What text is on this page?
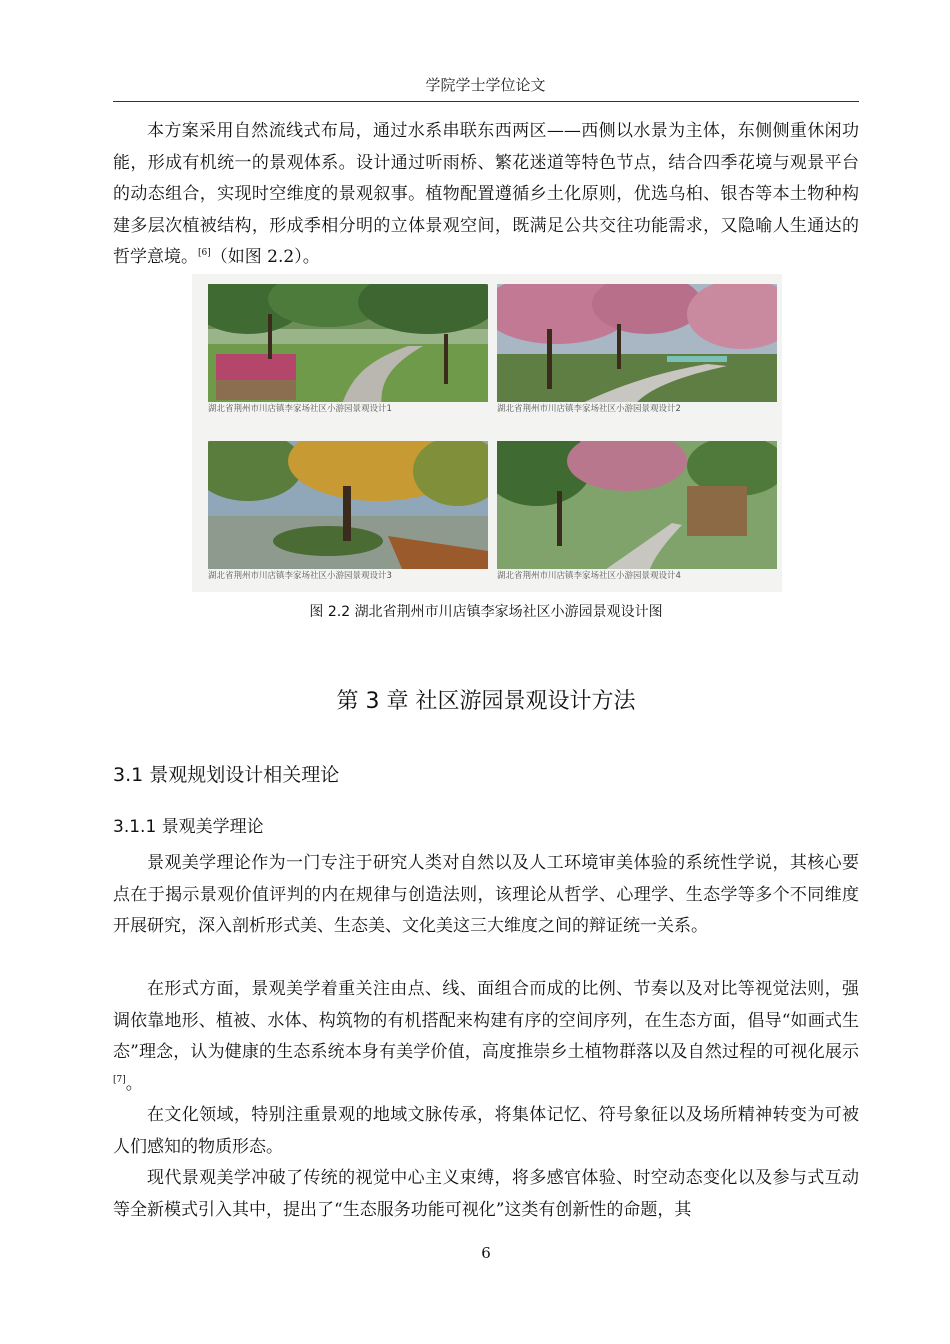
学院学士学位论文

本方案采用自然流线式布局，通过水系串联东西两区——西侧以水景为主体，东侧侧重休闲功能，形成有机统一的景观体系。设计通过听雨桥、繁花迷道等特色节点，结合四季花境与观景平台的动态组合，实现时空维度的景观叙事。植物配置遵循乡土化原则，优选乌桕、银杏等本土物种构建多层次植被结构，形成季相分明的立体景观空间，既满足公共交往功能需求，又隐喻人生通达的哲学意境。[6]（如图 2.2）。

湖北省荆州市川店镇李家场社区小游园景观设计1	湖北省荆州市川店镇李家场社区小游园景观设计2
湖北省荆州市川店镇李家场社区小游园景观设计3	湖北省荆州市川店镇李家场社区小游园景观设计4
图 2.2 湖北省荆州市川店镇李家场社区小游园景观设计图
第 3 章 社区游园景观设计方法
3.1 景观规划设计相关理论
3.1.1 景观美学理论

景观美学理论作为一门专注于研究人类对自然以及人工环境审美体验的系统性学说，其核心要点在于揭示景观价值评判的内在规律与创造法则，该理论从哲学、心理学、生态学等多个不同维度开展研究，深入剖析形式美、生态美、文化美这三大维度之间的辩证统一关系。

在形式方面，景观美学着重关注由点、线、面组合而成的比例、节奏以及对比等视觉法则，强调依靠地形、植被、水体、构筑物的有机搭配来构建有序的空间序列，在生态方面，倡导“如画式生态”理念，认为健康的生态系统本身有美学价值，高度推崇乡土植物群落以及自然过程的可视化展示[7]。

在文化领域，特别注重景观的地域文脉传承，将集体记忆、符号象征以及场所精神转变为可被人们感知的物质形态。

现代景观美学冲破了传统的视觉中心主义束缚，将多感官体验、时空动态变化以及参与式互动等全新模式引入其中，提出了“生态服务功能可视化”这类有创新性的命题，其

6
